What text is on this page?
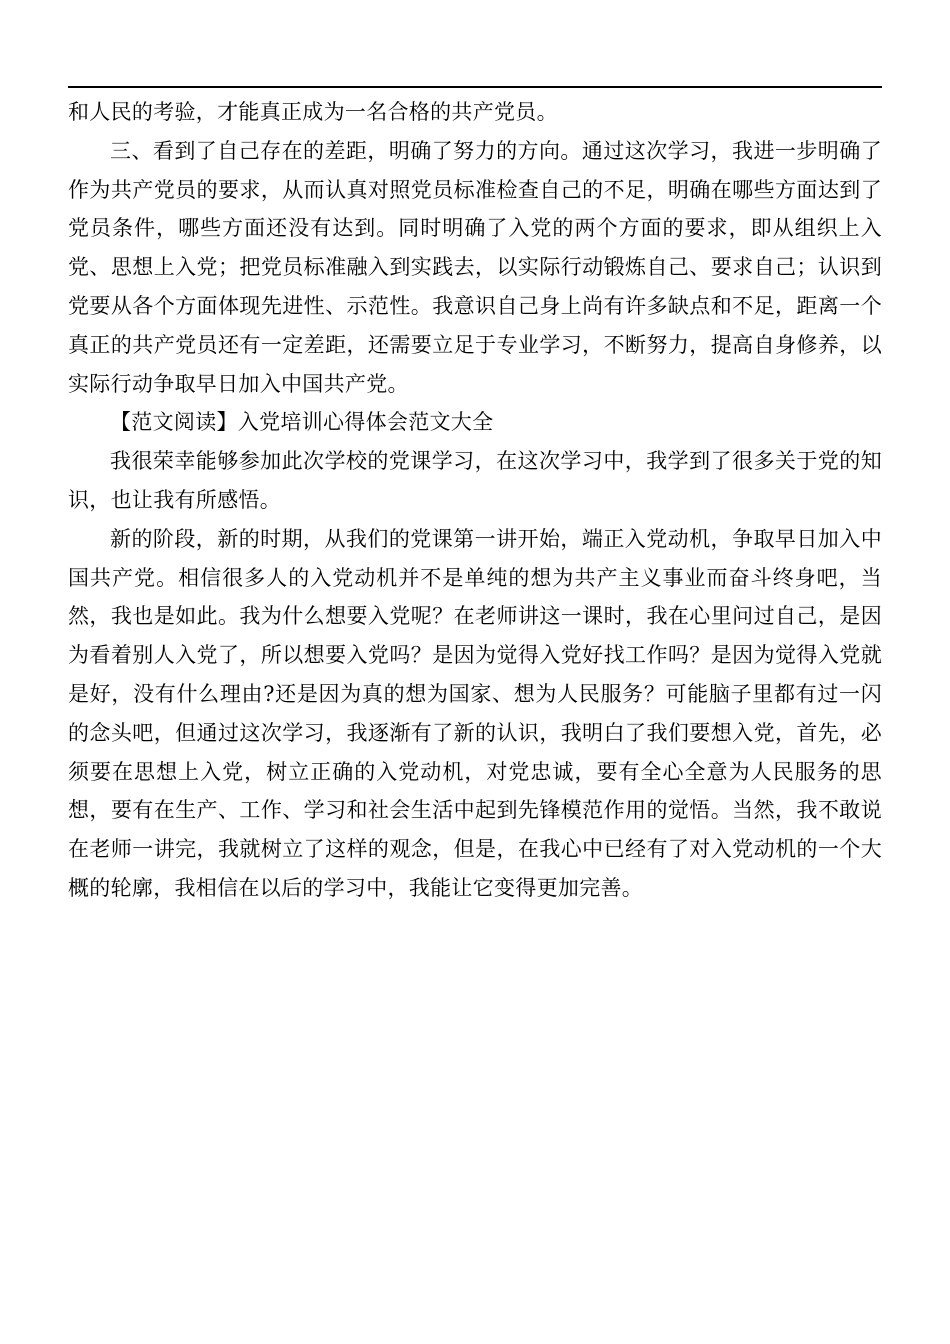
和人民的考验，才能真正成为一名合格的共产党员。

三、看到了自己存在的差距，明确了努力的方向。通过这次学习，我进一步明确了作为共产党员的要求，从而认真对照党员标准检查自己的不足，明确在哪些方面达到了党员条件，哪些方面还没有达到。同时明确了入党的两个方面的要求，即从组织上入党、思想上入党；把党员标准融入到实践去，以实际行动锻炼自己、要求自己；认识到党要从各个方面体现先进性、示范性。我意识自己身上尚有许多缺点和不足，距离一个真正的共产党员还有一定差距，还需要立足于专业学习，不断努力，提高自身修养，以实际行动争取早日加入中国共产党。

【范文阅读】入党培训心得体会范文大全

我很荣幸能够参加此次学校的党课学习，在这次学习中，我学到了很多关于党的知识，也让我有所感悟。

新的阶段，新的时期，从我们的党课第一讲开始，端正入党动机，争取早日加入中国共产党。相信很多人的入党动机并不是单纯的想为共产主义事业而奋斗终身吧，当然，我也是如此。我为什么想要入党呢？在老师讲这一课时，我在心里问过自己，是因为看着别人入党了，所以想要入党吗？是因为觉得入党好找工作吗？是因为觉得入党就是好，没有什么理由?还是因为真的想为国家、想为人民服务？可能脑子里都有过一闪的念头吧，但通过这次学习，我逐渐有了新的认识，我明白了我们要想入党，首先，必须要在思想上入党，树立正确的入党动机，对党忠诚，要有全心全意为人民服务的思想，要有在生产、工作、学习和社会生活中起到先锋模范作用的觉悟。当然，我不敢说在老师一讲完，我就树立了这样的观念，但是，在我心中已经有了对入党动机的一个大概的轮廓，我相信在以后的学习中，我能让它变得更加完善。
